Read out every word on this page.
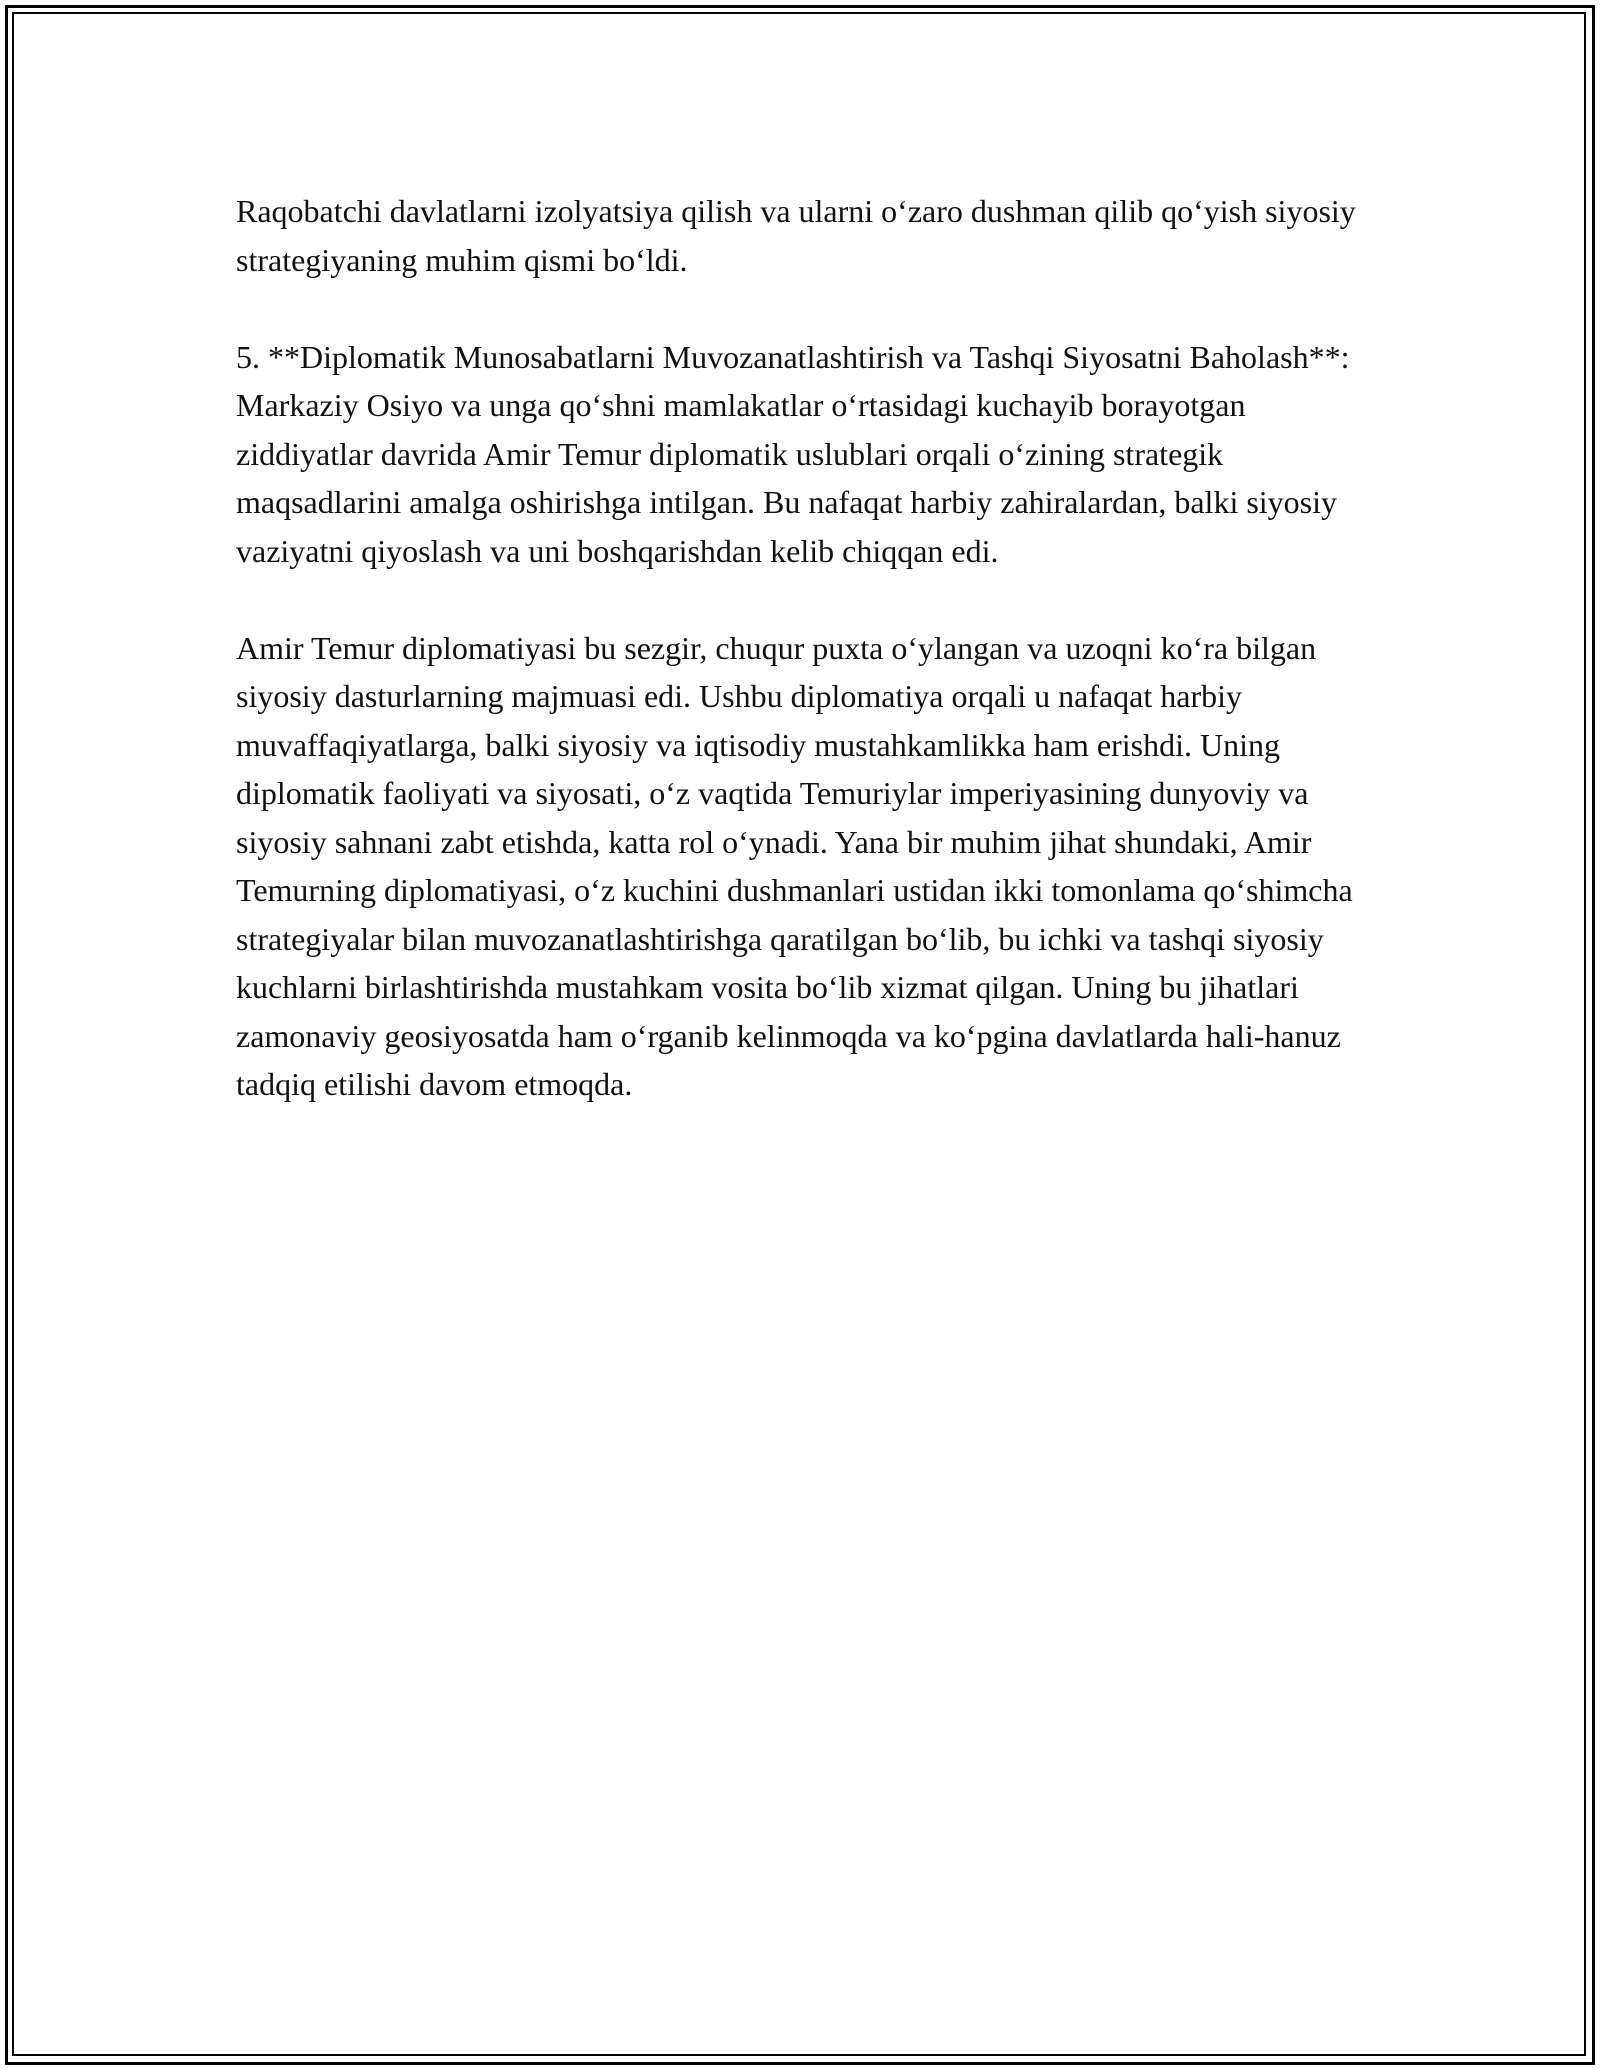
Raqobatchi davlatlarni izolyatsiya qilish va ularni o‘zaro dushman qilib qo‘yish siyosiy strategiyaning muhim qismi bo‘ldi.

5. **Diplomatik Munosabatlarni Muvozanatlashtirish va Tashqi Siyosatni Baholash**: Markaziy Osiyo va unga qo‘shni mamlakatlar o‘rtasidagi kuchayib borayotgan ziddiyatlar davrida Amir Temur diplomatik uslublari orqali o‘zining strategik maqsadlarini amalga oshirishga intilgan. Bu nafaqat harbiy zahiralardan, balki siyosiy vaziyatni qiyoslash va uni boshqarishdan kelib chiqqan edi.

Amir Temur diplomatiyasi bu sezgir, chuqur puxta o‘ylangan va uzoqni ko‘ra bilgan siyosiy dasturlarning majmuasi edi. Ushbu diplomatiya orqali u nafaqat harbiy muvaffaqiyatlarga, balki siyosiy va iqtisodiy mustahkamlikka ham erishdi. Uning diplomatik faoliyati va siyosati, o‘z vaqtida Temuriylar imperiyasining dunyoviy va siyosiy sahnani zabt etishda, katta rol o‘ynadi. Yana bir muhim jihat shundaki, Amir Temurning diplomatiyasi, o‘z kuchini dushmanlari ustidan ikki tomonlama qo‘shimcha strategiyalar bilan muvozanatlashtirishga qaratilgan bo‘lib, bu ichki va tashqi siyosiy kuchlarni birlashtirishda mustahkam vosita bo‘lib xizmat qilgan. Uning bu jihatlari zamonaviy geosiyosatda ham o‘rganib kelinmoqda va ko‘pgina davlatlarda hali-hanuz tadqiq etilishi davom etmoqda.
